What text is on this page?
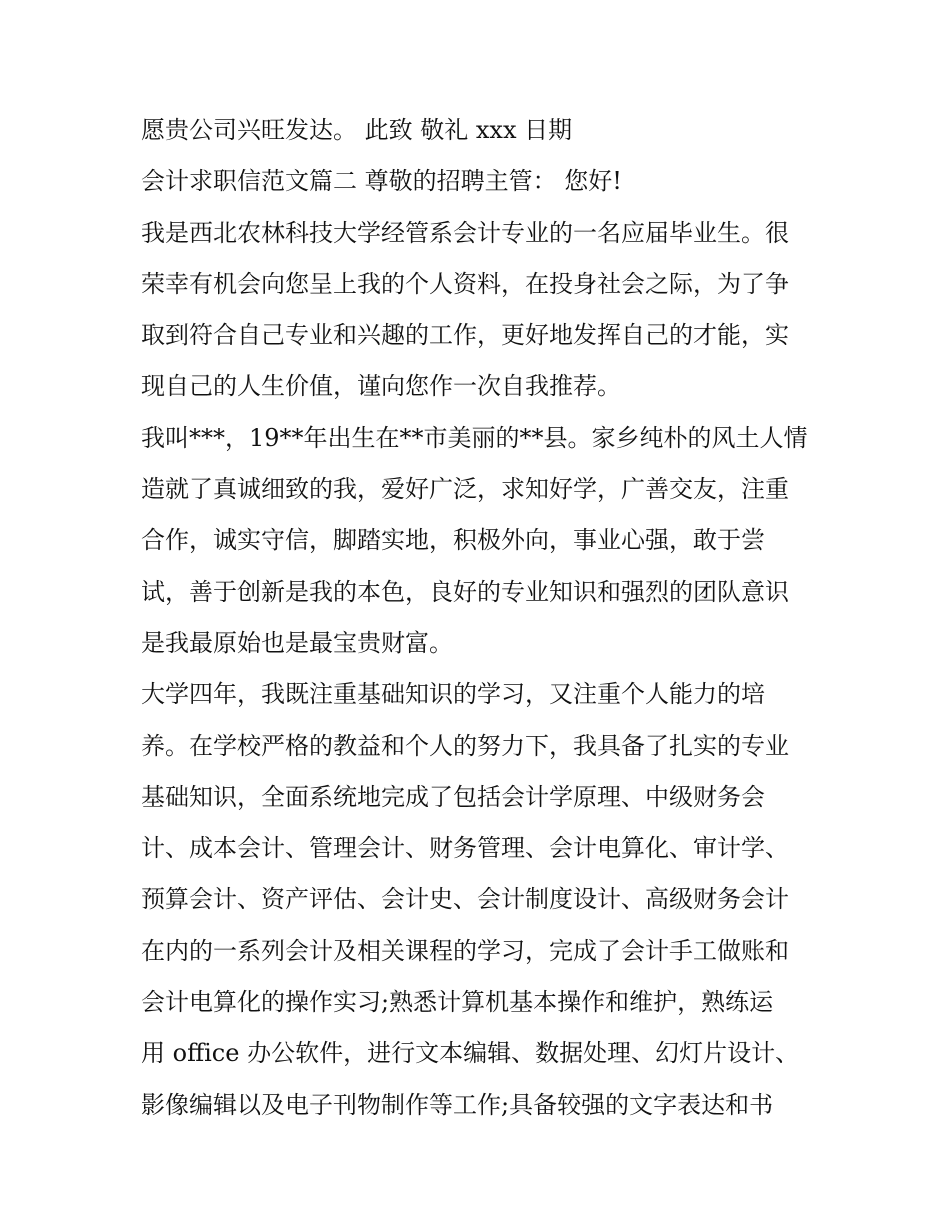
愿贵公司兴旺发达。 此致 敬礼 xxx 日期
会计求职信范文篇二 尊敬的招聘主管： 您好!
我是西北农林科技大学经管系会计专业的一名应届毕业生。很
荣幸有机会向您呈上我的个人资料，在投身社会之际，为了争
取到符合自己专业和兴趣的工作，更好地发挥自己的才能，实
现自己的人生价值，谨向您作一次自我推荐。
我叫***，19**年出生在**市美丽的**县。家乡纯朴的风土人情
造就了真诚细致的我，爱好广泛，求知好学，广善交友，注重
合作，诚实守信，脚踏实地，积极外向，事业心强，敢于尝
试，善于创新是我的本色，良好的专业知识和强烈的团队意识
是我最原始也是最宝贵财富。
大学四年，我既注重基础知识的学习，又注重个人能力的培
养。在学校严格的教益和个人的努力下，我具备了扎实的专业
基础知识，全面系统地完成了包括会计学原理、中级财务会
计、成本会计、管理会计、财务管理、会计电算化、审计学、
预算会计、资产评估、会计史、会计制度设计、高级财务会计
在内的一系列会计及相关课程的学习，完成了会计手工做账和
会计电算化的操作实习;熟悉计算机基本操作和维护，熟练运
用 office 办公软件，进行文本编辑、数据处理、幻灯片设计、
影像编辑以及电子刊物制作等工作;具备较强的文字表达和书
